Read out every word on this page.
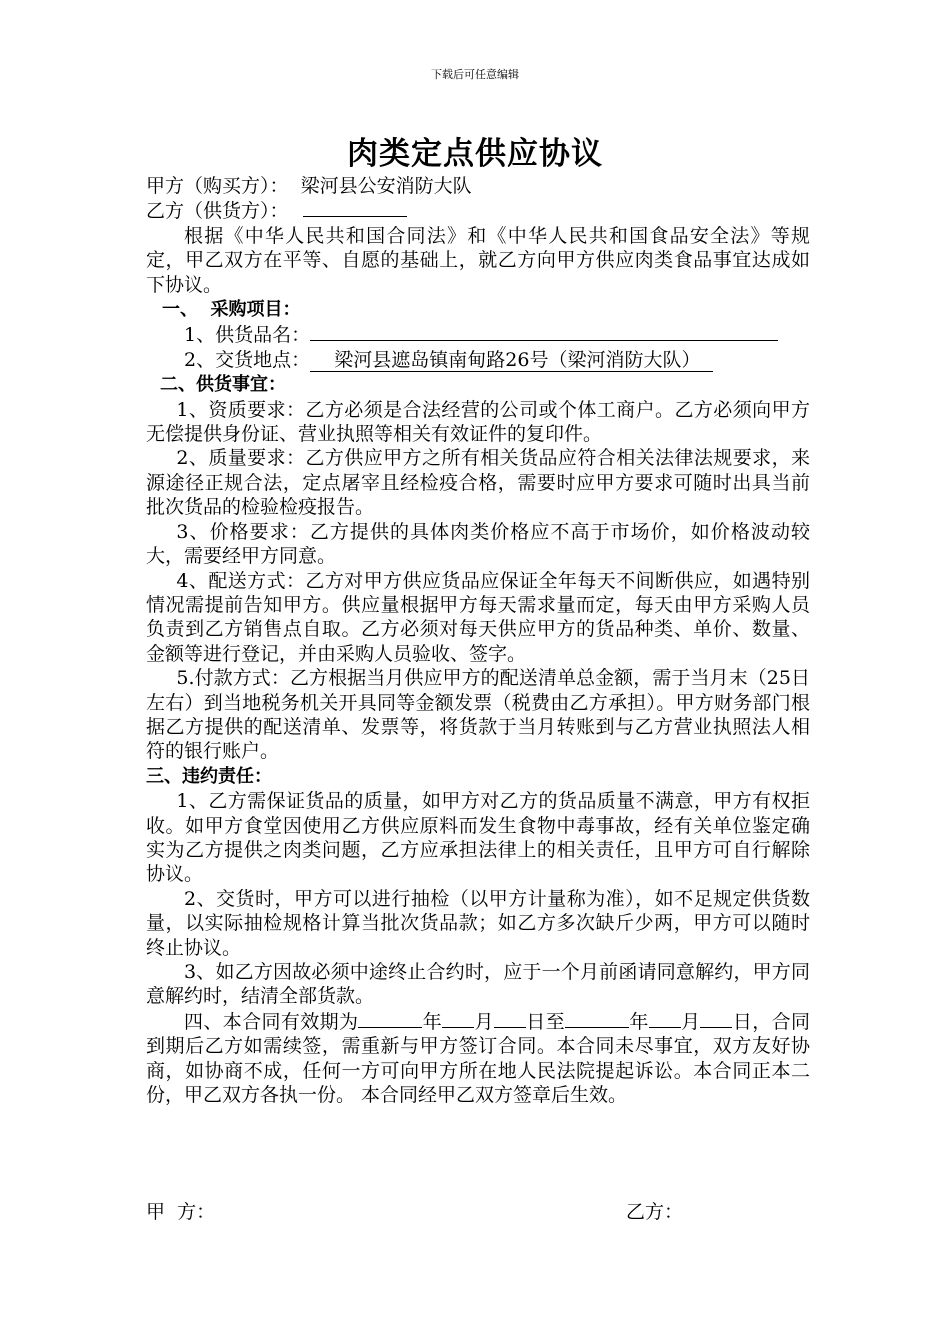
下载后可任意编辑
肉类定点供应协议

甲方（购买方）：  梁河县公安消防大队

乙方（供货方）：

根据《中华人民共和国合同法》和《中华人民共和国食品安全法》等规定，甲乙双方在平等、自愿的基础上，就乙方向甲方供应肉类食品事宜达成如下协议。

一、  采购项目：

1、供货品名：

2、交货地点： 梁河县遮岛镇南甸路26号（梁河消防大队）

二、供货事宜：

1、资质要求：乙方必须是合法经营的公司或个体工商户。乙方必须向甲方无偿提供身份证、营业执照等相关有效证件的复印件。

2、质量要求：乙方供应甲方之所有相关货品应符合相关法律法规要求，来源途径正规合法，定点屠宰且经检疫合格，需要时应甲方要求可随时出具当前批次货品的检验检疫报告。

3、价格要求：乙方提供的具体肉类价格应不高于市场价，如价格波动较大，需要经甲方同意。

4、配送方式：乙方对甲方供应货品应保证全年每天不间断供应，如遇特别情况需提前告知甲方。供应量根据甲方每天需求量而定，每天由甲方采购人员负责到乙方销售点自取。乙方必须对每天供应甲方的货品种类、单价、数量、金额等进行登记，并由采购人员验收、签字。

5.付款方式：乙方根据当月供应甲方的配送清单总金额，需于当月末（25日左右）到当地税务机关开具同等金额发票（税费由乙方承担）。甲方财务部门根据乙方提供的配送清单、发票等，将货款于当月转账到与乙方营业执照法人相符的银行账户。

三、违约责任：

1、乙方需保证货品的质量，如甲方对乙方的货品质量不满意，甲方有权拒收。如甲方食堂因使用乙方供应原料而发生食物中毒事故，经有关单位鉴定确实为乙方提供之肉类问题，乙方应承担法律上的相关责任，且甲方可自行解除协议。

2、交货时，甲方可以进行抽检（以甲方计量称为准），如不足规定供货数量，以实际抽检规格计算当批次货品款；如乙方多次缺斤少两，甲方可以随时终止协议。

3、如乙方因故必须中途终止合约时，应于一个月前函请同意解约，甲方同意解约时，结清全部货款。

四、本合同有效期为	年 月 日至	年 月 日，合同到期后乙方如需续签，需重新与甲方签订合同。本合同未尽事宜，双方友好协商，如协商不成，任何一方可向甲方所在地人民法院提起诉讼。本合同正本二份，甲乙双方各执一份。 本合同经甲乙双方签章后生效。

甲  方：	乙方：
